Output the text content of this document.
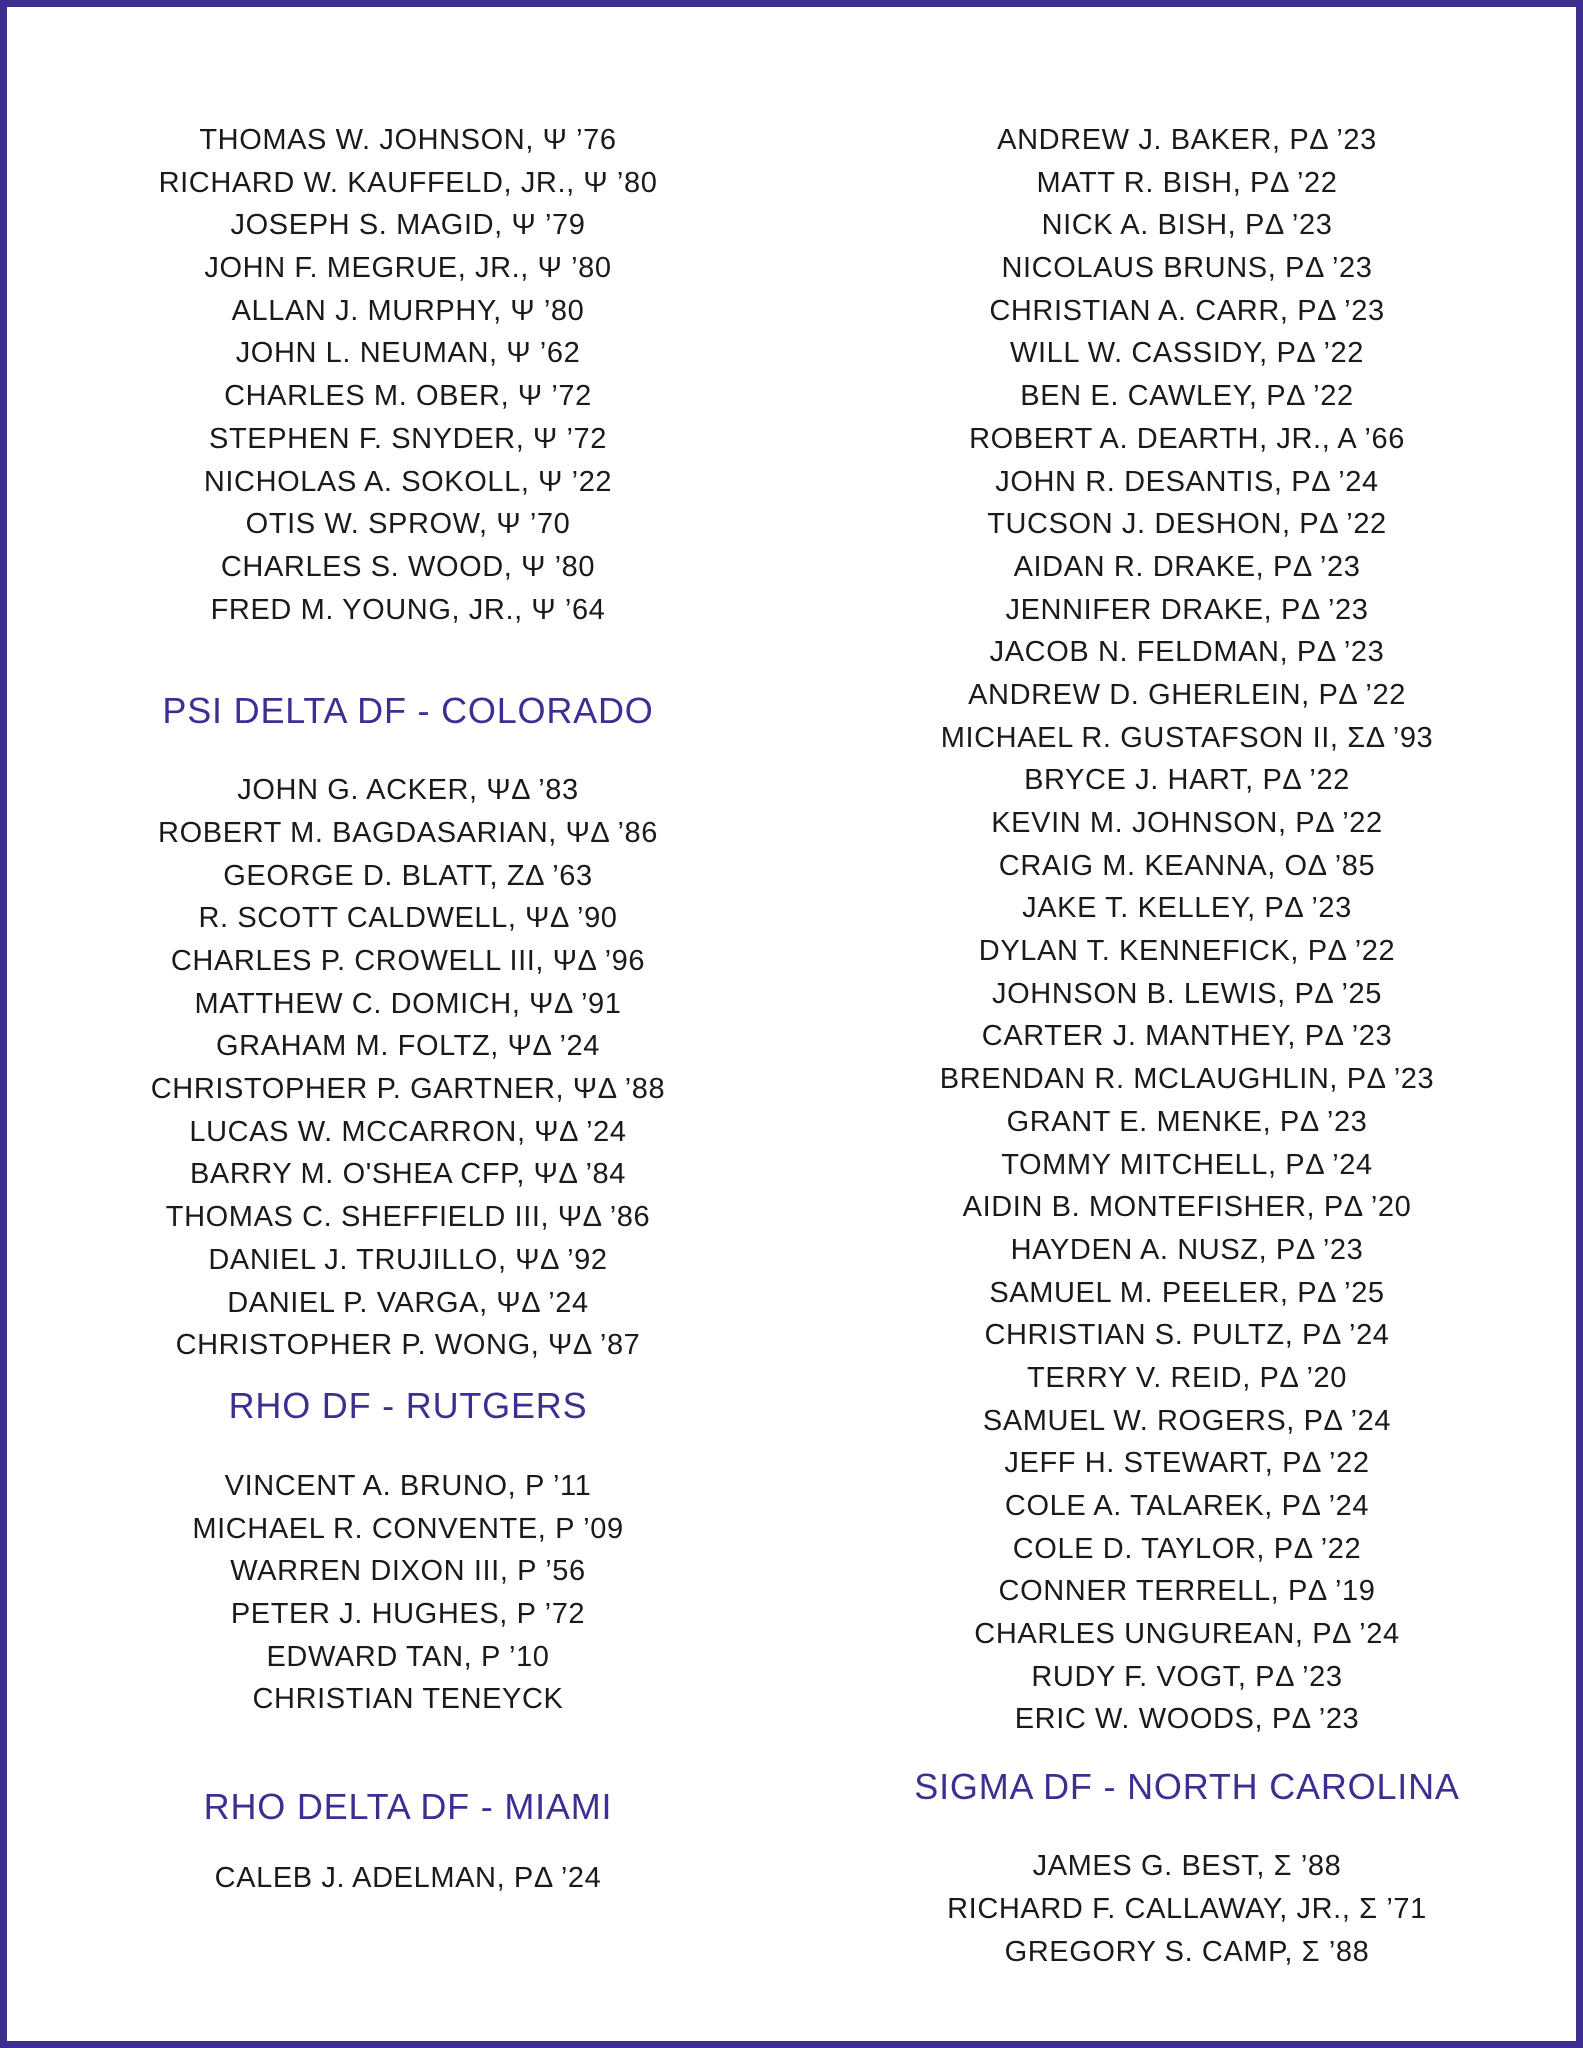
THOMAS W. JOHNSON, Ψ ’76
RICHARD W. KAUFFELD, JR., Ψ ’80
JOSEPH S. MAGID, Ψ ’79
JOHN F. MEGRUE, JR., Ψ ’80
ALLAN J. MURPHY, Ψ ’80
JOHN L. NEUMAN, Ψ ’62
CHARLES M. OBER, Ψ ’72
STEPHEN F. SNYDER, Ψ ’72
NICHOLAS A. SOKOLL, Ψ ’22
OTIS W. SPROW, Ψ ’70
CHARLES S. WOOD, Ψ ’80
FRED M. YOUNG, JR., Ψ ’64
PSI DELTA DF - COLORADO
JOHN G. ACKER, ΨΔ ’83
ROBERT M. BAGDASARIAN, ΨΔ ’86
GEORGE D. BLATT, ZΔ ’63
R. SCOTT CALDWELL, ΨΔ ’90
CHARLES P. CROWELL III, ΨΔ ’96
MATTHEW C. DOMICH, ΨΔ ’91
GRAHAM M. FOLTZ, ΨΔ ’24
CHRISTOPHER P. GARTNER, ΨΔ ’88
LUCAS W. MCCARRON, ΨΔ ’24
BARRY M. O'SHEA CFP, ΨΔ ’84
THOMAS C. SHEFFIELD III, ΨΔ ’86
DANIEL J. TRUJILLO, ΨΔ ’92
DANIEL P. VARGA, ΨΔ ’24
CHRISTOPHER P. WONG, ΨΔ ’87
RHO DF - RUTGERS
VINCENT A. BRUNO, P ’11
MICHAEL R. CONVENTE, P ’09
WARREN DIXON III, P ’56
PETER J. HUGHES, P ’72
EDWARD TAN, P ’10
CHRISTIAN TENEYCK
RHO DELTA DF - MIAMI
CALEB J. ADELMAN, PΔ ’24
ANDREW J. BAKER, PΔ ’23
MATT R. BISH, PΔ ’22
NICK A. BISH, PΔ ’23
NICOLAUS BRUNS, PΔ ’23
CHRISTIAN A. CARR, PΔ ’23
WILL W. CASSIDY, PΔ ’22
BEN E. CAWLEY, PΔ ’22
ROBERT A. DEARTH, JR., A ’66
JOHN R. DESANTIS, PΔ ’24
TUCSON J. DESHON, PΔ ’22
AIDAN R. DRAKE, PΔ ’23
JENNIFER DRAKE, PΔ ’23
JACOB N. FELDMAN, PΔ ’23
ANDREW D. GHERLEIN, PΔ ’22
MICHAEL R. GUSTAFSON II, ΣΔ ’93
BRYCE J. HART, PΔ ’22
KEVIN M. JOHNSON, PΔ ’22
CRAIG M. KEANNA, OΔ ’85
JAKE T. KELLEY, PΔ ’23
DYLAN T. KENNEFICK, PΔ ’22
JOHNSON B. LEWIS, PΔ ’25
CARTER J. MANTHEY, PΔ ’23
BRENDAN R. MCLAUGHLIN, PΔ ’23
GRANT E. MENKE, PΔ ’23
TOMMY MITCHELL, PΔ ’24
AIDIN B. MONTEFISHER, PΔ ’20
HAYDEN A. NUSZ, PΔ ’23
SAMUEL M. PEELER, PΔ ’25
CHRISTIAN S. PULTZ, PΔ ’24
TERRY V. REID, PΔ ’20
SAMUEL W. ROGERS, PΔ ’24
JEFF H. STEWART, PΔ ’22
COLE A. TALAREK, PΔ ’24
COLE D. TAYLOR, PΔ ’22
CONNER TERRELL, PΔ ’19
CHARLES UNGUREAN, PΔ ’24
RUDY F. VOGT, PΔ ’23
ERIC W. WOODS, PΔ ’23
SIGMA DF - NORTH CAROLINA
JAMES G. BEST, Σ ’88
RICHARD F. CALLAWAY, JR., Σ ’71
GREGORY S. CAMP, Σ ’88
